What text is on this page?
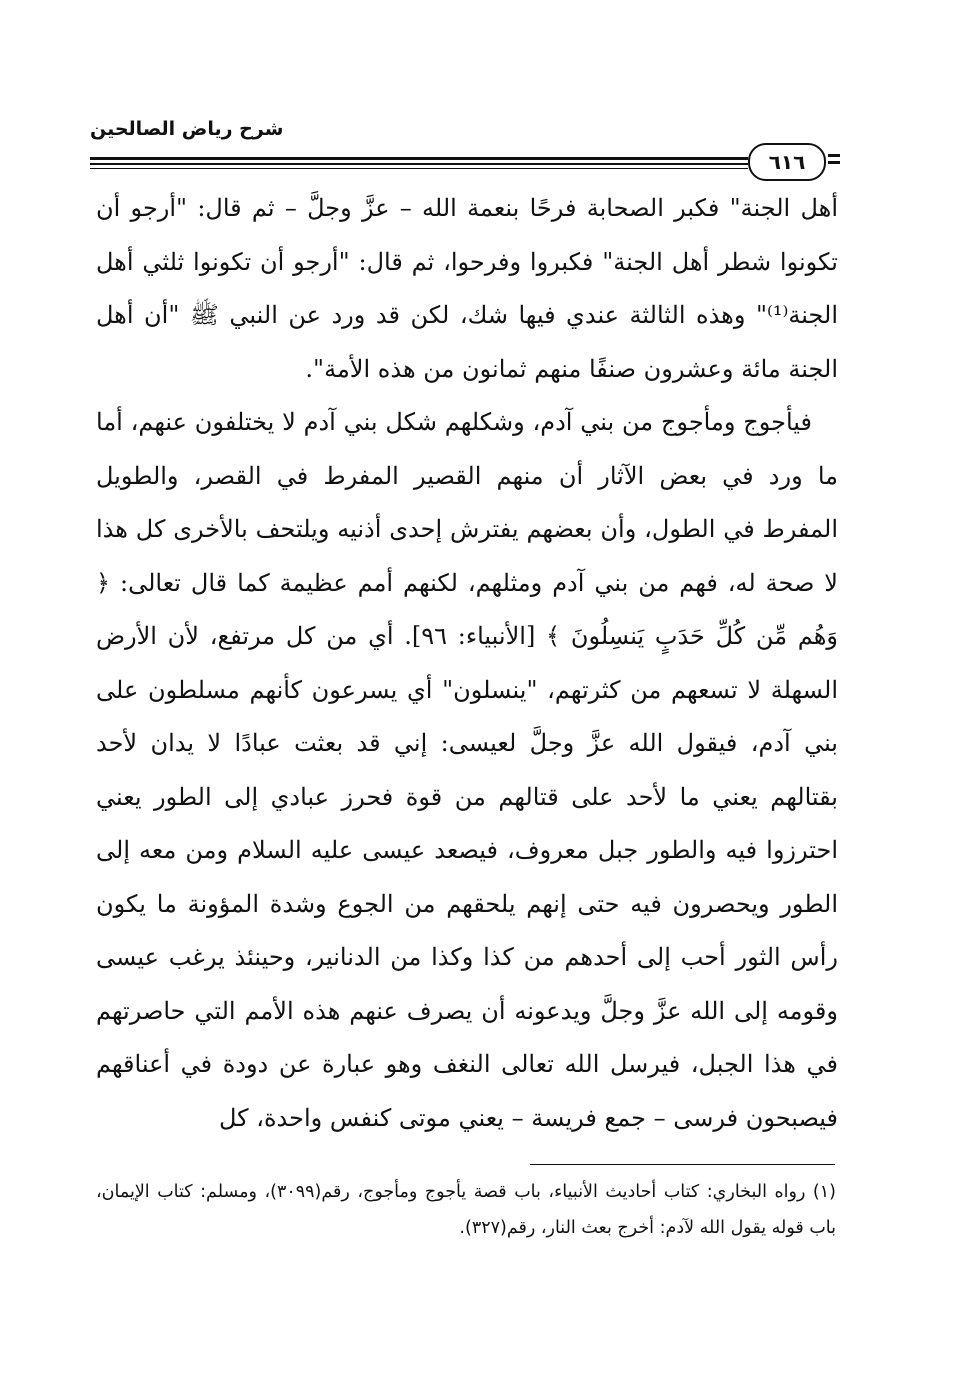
شرح رياض الصالحين
٦١٦

أهل الجنة" فكبر الصحابة فرحًا بنعمة الله – عزَّ وجلَّ – ثم قال: "أرجو أن تكونوا شطر أهل الجنة" فكبروا وفرحوا، ثم قال: "أرجو أن تكونوا ثلثي أهل الجنة⁽¹⁾" وهذه الثالثة عندي فيها شك، لكن قد ورد عن النبي ﷺ "أن أهل الجنة مائة وعشرون صنفًا منهم ثمانون من هذه الأمة".

فيأجوج ومأجوج من بني آدم، وشكلهم شكل بني آدم لا يختلفون عنهم، أما ما ورد في بعض الآثار أن منهم القصير المفرط في القصر، والطويل المفرط في الطول، وأن بعضهم يفترش إحدى أذنيه ويلتحف بالأخرى كل هذا لا صحة له، فهم من بني آدم ومثلهم، لكنهم أمم عظيمة كما قال تعالى: ﴿ وَهُم مِّن كُلِّ حَدَبٍ يَنسِلُونَ ﴾ [الأنبياء: ٩٦]. أي من كل مرتفع، لأن الأرض السهلة لا تسعهم من كثرتهم، "ينسلون" أي يسرعون كأنهم مسلطون على بني آدم، فيقول الله عزَّ وجلَّ لعيسى: إني قد بعثت عبادًا لا يدان لأحد بقتالهم يعني ما لأحد على قتالهم من قوة فحرز عبادي إلى الطور يعني احترزوا فيه والطور جبل معروف، فيصعد عيسى عليه السلام ومن معه إلى الطور ويحصرون فيه حتى إنهم يلحقهم من الجوع وشدة المؤونة ما يكون رأس الثور أحب إلى أحدهم من كذا وكذا من الدنانير، وحينئذ يرغب عيسى وقومه إلى الله عزَّ وجلَّ ويدعونه أن يصرف عنهم هذه الأمم التي حاصرتهم في هذا الجبل، فيرسل الله تعالى النغف وهو عبارة عن دودة في أعناقهم فيصبحون فرسى – جمع فريسة – يعني موتى كنفس واحدة، كل

(١) رواه البخاري: كتاب أحاديث الأنبياء، باب قصة يأجوج ومأجوج، رقم(٣٠٩٩)، ومسلم: كتاب الإيمان، باب قوله يقول الله لآدم: أخرج بعث النار، رقم(٣٢٧).
